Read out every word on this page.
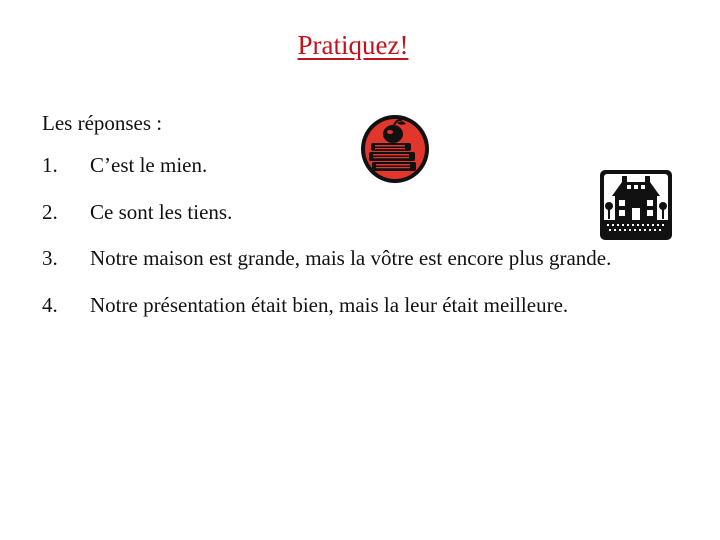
Pratiquez!
Les réponses :
1. C’est le mien.
2. Ce sont les tiens.
3. Notre maison est grande, mais la vôtre est encore plus grande.
4. Notre présentation était bien, mais la leur était meilleure.
